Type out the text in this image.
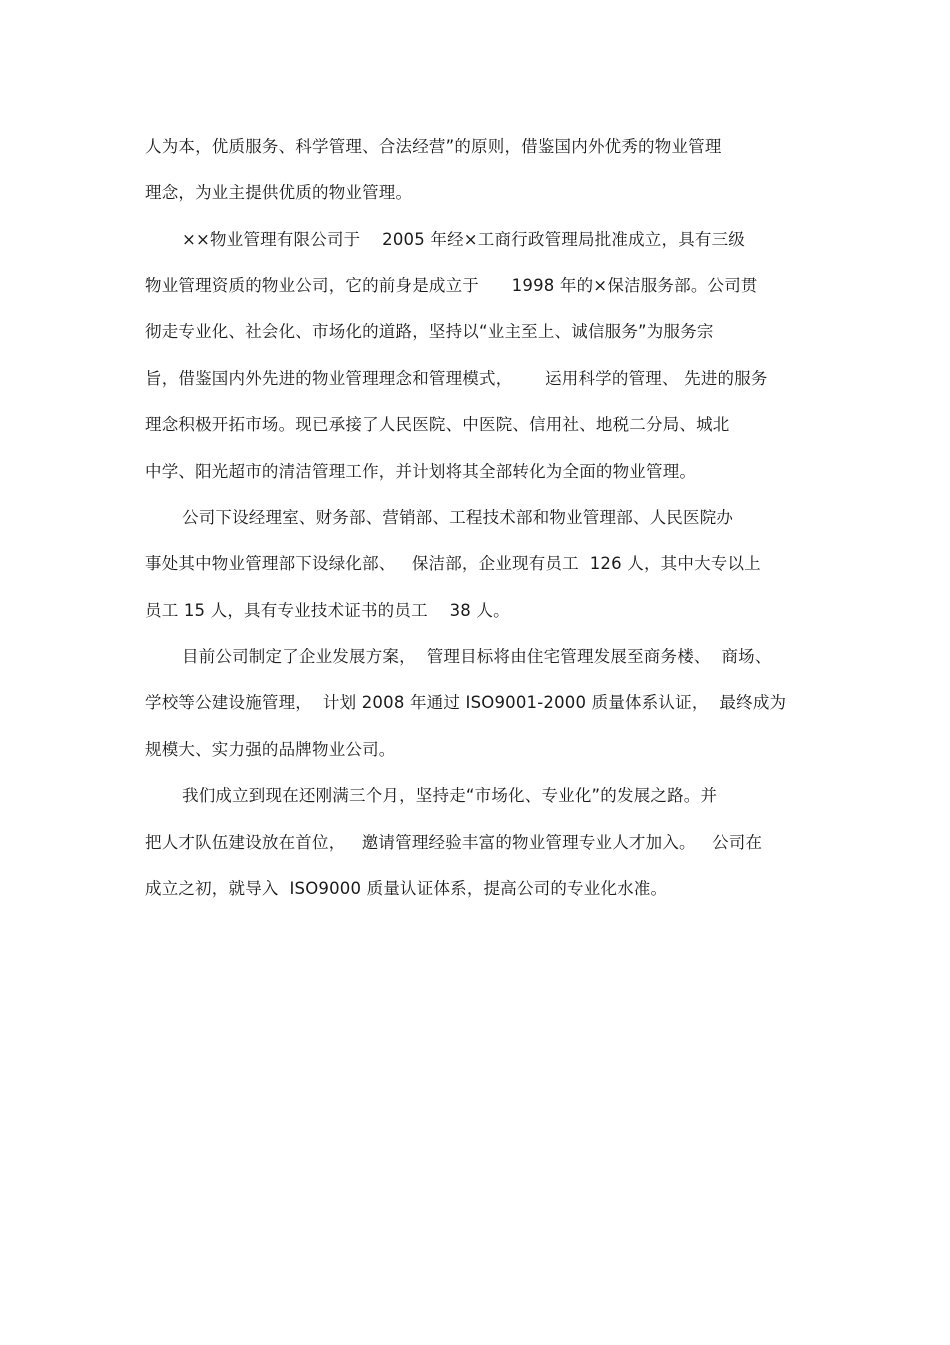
人为本，优质服务、科学管理、合法经营”的原则，借鉴国内外优秀的物业管理
理念，为业主提供优质的物业管理。
××物业管理有限公司于    2005 年经×工商行政管理局批准成立，具有三级
物业管理资质的物业公司，它的前身是成立于      1998 年的×保洁服务部。公司贯
彻走专业化、社会化、市场化的道路，坚持以“业主至上、诚信服务”为服务宗
旨，借鉴国内外先进的物业管理理念和管理模式，      运用科学的管理、 先进的服务
理念积极开拓市场。现已承接了人民医院、中医院、信用社、地税二分局、城北
中学、阳光超市的清洁管理工作，并计划将其全部转化为全面的物业管理。
公司下设经理室、财务部、营销部、工程技术部和物业管理部、人民医院办
事处其中物业管理部下设绿化部、   保洁部，企业现有员工  126 人，其中大专以上
员工 15 人，具有专业技术证书的员工    38 人。
目前公司制定了企业发展方案，  管理目标将由住宅管理发展至商务楼、  商场、
学校等公建设施管理，  计划 2008 年通过 ISO9001-2000 质量体系认证，  最终成为
规模大、实力强的品牌物业公司。
我们成立到现在还刚满三个月，坚持走“市场化、专业化”的发展之路。并
把人才队伍建设放在首位，   邀请管理经验丰富的物业管理专业人才加入。   公司在
成立之初，就导入  ISO9000 质量认证体系，提高公司的专业化水准。
